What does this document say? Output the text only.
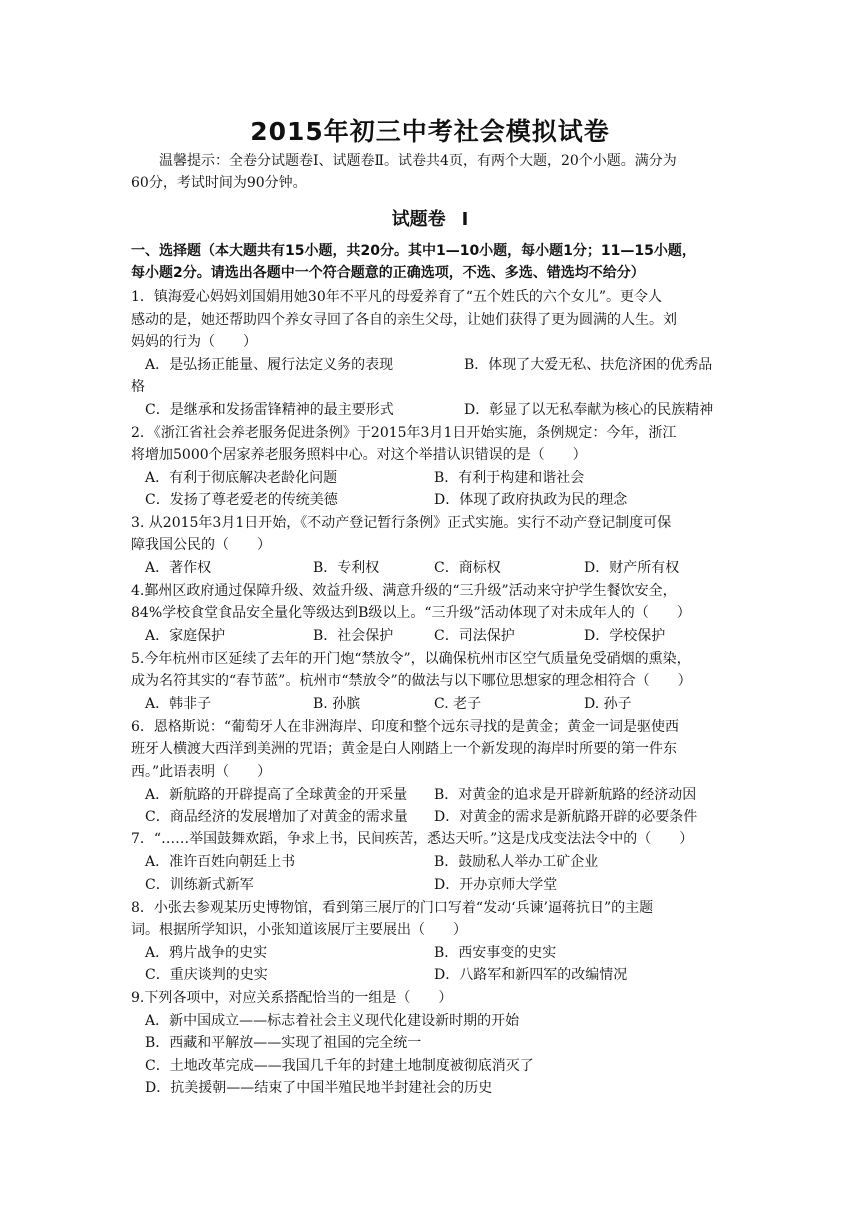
2015年初三中考社会模拟试卷
温馨提示：全卷分试题卷Ⅰ、试题卷Ⅱ。试卷共4页，有两个大题，20个小题。满分为
60分，考试时间为90分钟。
试题卷 Ⅰ
一、选择题（本大题共有15小题，共20分。其中1—10小题，每小题1分；11—15小题，
每小题2分。请选出各题中一个符合题意的正确选项，不选、多选、错选均不给分）
1．镇海爱心妈妈刘国娟用她30年不平凡的母爱养育了“五个姓氏的六个女儿”。更令人
感动的是，她还帮助四个养女寻回了各自的亲生父母，让她们获得了更为圆满的人生。刘
妈妈的行为（　　）
A．是弘扬正能量、履行法定义务的表现	B．体现了大爱无私、扶危济困的优秀品
格
C．是继承和发扬雷锋精神的最主要形式	D．彰显了以无私奉献为核心的民族精神
2．《浙江省社会养老服务促进条例》于2015年3月1日开始实施，条例规定：今年，浙江
将增加5000个居家养老服务照料中心。对这个举措认识错误的是（　　）
A．有利于彻底解决老龄化问题	B．有利于构建和谐社会
C．发扬了尊老爱老的传统美德	D．体现了政府执政为民的理念
3. 从2015年3月1日开始，《不动产登记暂行条例》正式实施。实行不动产登记制度可保
障我国公民的（　　）
A．著作权	B．专利权	C．商标权	D．财产所有权
4.鄞州区政府通过保障升级、效益升级、满意升级的“三升级”活动来守护学生餐饮安全，
84%学校食堂食品安全量化等级达到B级以上。“三升级”活动体现了对未成年人的（　　）
A．家庭保护	B．社会保护	C．司法保护	D．学校保护
5.今年杭州市区延续了去年的开门炮“禁放令”，以确保杭州市区空气质量免受硝烟的熏染，
成为名符其实的“春节蓝”。杭州市“禁放令”的做法与以下哪位思想家的理念相符合（　　）
A．韩非子	B. 孙膑	C. 老子	D. 孙子
6．恩格斯说：“葡萄牙人在非洲海岸、印度和整个远东寻找的是黄金；黄金一词是驱使西
班牙人横渡大西洋到美洲的咒语；黄金是白人刚踏上一个新发现的海岸时所要的第一件东
西。”此语表明（　　）
A．新航路的开辟提高了全球黄金的开采量 B．对黄金的追求是开辟新航路的经济动因
C．商品经济的发展增加了对黄金的需求量 D．对黄金的需求是新航路开辟的必要条件
7．“……举国鼓舞欢蹈，争求上书，民间疾苦，悉达天听。”这是戊戌变法法令中的（　　）
A．准许百姓向朝廷上书	B．鼓励私人举办工矿企业
C．训练新式新军	D．开办京师大学堂
8．小张去参观某历史博物馆，看到第三展厅的门口写着“发动‘兵谏’逼蒋抗日”的主题
词。根据所学知识，小张知道该展厅主要展出（　　）
A．鸦片战争的史实	B．西安事变的史实
C．重庆谈判的史实	D．八路军和新四军的改编情况
9.下列各项中，对应关系搭配恰当的一组是（　　）
A．新中国成立——标志着社会主义现代化建设新时期的开始
B．西藏和平解放——实现了祖国的完全统一
C．土地改革完成——我国几千年的封建土地制度被彻底消灭了
D．抗美援朝——结束了中国半殖民地半封建社会的历史
